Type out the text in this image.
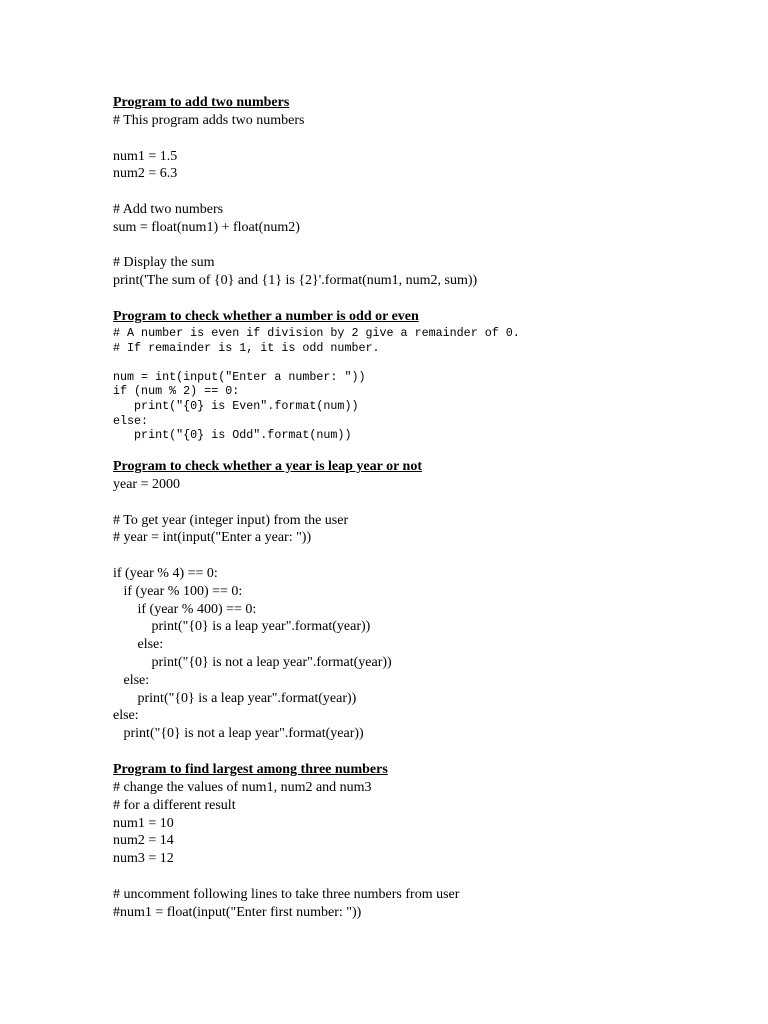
Program to add two numbers
# This program adds two numbers

num1 = 1.5
num2 = 6.3

# Add two numbers
sum = float(num1) + float(num2)

# Display the sum
print('The sum of {0} and {1} is {2}'.format(num1, num2, sum))
Program to check whether a number is odd or even
# A number is even if division by 2 give a remainder of 0.
# If remainder is 1, it is odd number.

num = int(input("Enter a number: "))
if (num % 2) == 0:
print("{0} is Even".format(num))
else:
print("{0} is Odd".format(num))
Program to check whether a year is leap year or not
year = 2000

# To get year (integer input) from the user
# year = int(input("Enter a year: "))

if (year % 4) == 0:
if (year % 100) == 0:
if (year % 400) == 0:
print("{0} is a leap year".format(year))
else:
print("{0} is not a leap year".format(year))
else:
print("{0} is a leap year".format(year))
else:
print("{0} is not a leap year".format(year))
Program to find largest among three numbers
# change the values of num1, num2 and num3
# for a different result
num1 = 10
num2 = 14
num3 = 12

# uncomment following lines to take three numbers from user
#num1 = float(input("Enter first number: "))
